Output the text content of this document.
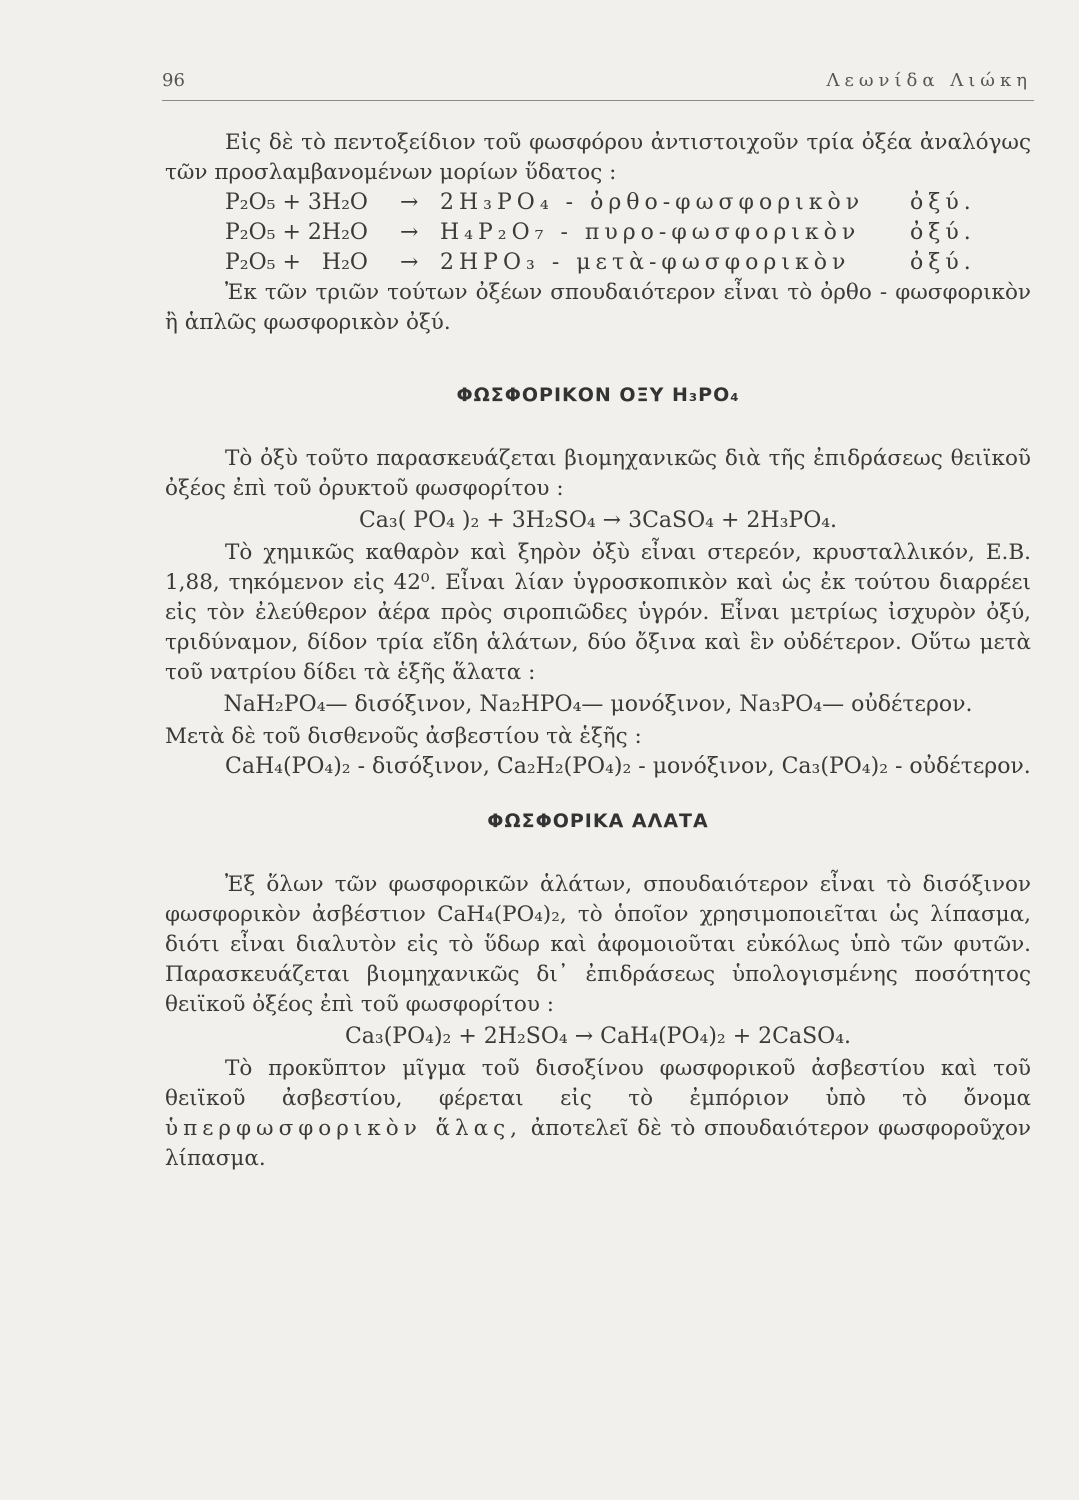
96	Λεωνίδα Λιώκη

Εἰς δὲ τὸ πεντοξείδιον τοῦ φωσφόρου ἀντιστοιχοῦν τρία ὀξέα ἀναλόγως τῶν προσλαμβανομένων μορίων ὕδατος :

P₂O₅ + 3H₂O	→	2H₃PO₄ - ὀρθο-φωσφορικὸν	ὀξύ.
P₂O₅ + 2H₂O	→	H₄P₂O₇ - πυρο-φωσφορικὸν	ὀξύ.
P₂O₅ +   H₂O	→	2HPO₃ - μετὰ-φωσφορικὸν	ὀξύ.

Ἐκ τῶν τριῶν τούτων ὀξέων σπουδαιότερον εἶναι τὸ ὀρθο - φωσφορικὸν ἢ ἁπλῶς φωσφορικὸν ὀξύ.

ΦΩΣΦΟΡΙΚΟΝ ΟΞΥ H₃PO₄

Τὸ ὀξὺ τοῦτο παρασκευάζεται βιομηχανικῶς διὰ τῆς ἐπιδράσεως θειϊκοῦ ὀξέος ἐπὶ τοῦ ὀρυκτοῦ φωσφορίτου :

Ca₃( PO₄ )₂ + 3H₂SO₄ → 3CaSO₄ + 2H₃PO₄.

Τὸ χημικῶς καθαρὸν καὶ ξηρὸν ὀξὺ εἶναι στερεόν, κρυσταλλικόν, Ε.Β. 1,88, τηκόμενον εἰς 42⁰. Εἶναι λίαν ὑγροσκοπικὸν καὶ ὡς ἐκ τούτου διαρρέει εἰς τὸν ἐλεύθερον ἀέρα πρὸς σιροπιῶδες ὑγρόν. Εἶναι μετρίως ἰσχυρὸν ὀξύ, τριδύναμον, δίδον τρία εἴδη ἁλάτων, δύο ὄξινα καὶ ἓν οὐδέτερον. Οὕτω μετὰ τοῦ νατρίου δίδει τὰ ἑξῆς ἅλατα :

NaH₂PO₄— δισόξινον, Na₂HPO₄— μονόξινον, Na₃PO₄— οὐδέτερον.

Μετὰ δὲ τοῦ δισθενοῦς ἀσβεστίου τὰ ἑξῆς :

CaH₄(PO₄)₂ - δισόξινον, Ca₂H₂(PO₄)₂ - μονόξινον, Ca₃(PO₄)₂ - οὐδέτερον.

ΦΩΣΦΟΡΙΚΑ ΑΛΑΤΑ

Ἐξ ὅλων τῶν φωσφορικῶν ἁλάτων, σπουδαιότερον εἶναι τὸ δισόξινον φωσφορικὸν ἀσβέστιον CaH₄(PO₄)₂, τὸ ὁποῖον χρησιμοποιεῖται ὡς λίπασμα, διότι εἶναι διαλυτὸν εἰς τὸ ὕδωρ καὶ ἀφομοιοῦται εὐκόλως ὑπὸ τῶν φυτῶν. Παρασκευάζεται βιομηχανικῶς δι᾽ ἐπιδράσεως ὑπολογισμένης ποσότητος θειϊκοῦ ὀξέος ἐπὶ τοῦ φωσφορίτου :

Ca₃(PO₄)₂ + 2H₂SO₄ → CaH₄(PO₄)₂ + 2CaSO₄.

Τὸ προκῦπτον μῖγμα τοῦ δισοξίνου φωσφορικοῦ ἀσβεστίου καὶ τοῦ θειϊκοῦ ἀσβεστίου, φέρεται εἰς τὸ ἐμπόριον ὑπὸ τὸ ὄνομα ὑπερφωσφορικὸν ἅλας, ἀποτελεῖ δὲ τὸ σπουδαιότερον φωσφοροῦχον λίπασμα.
